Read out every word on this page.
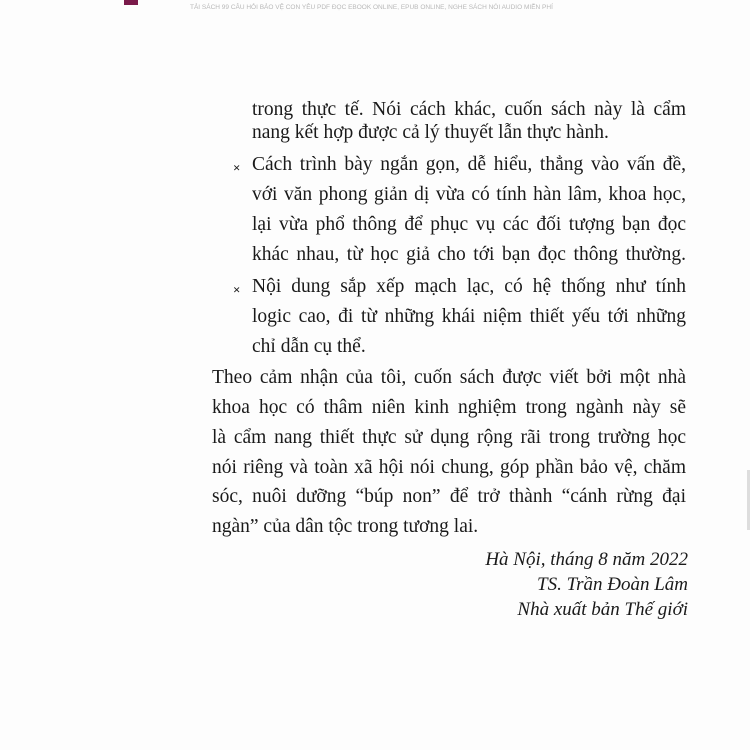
TẢI SÁCH 99 CÂU HỎI BẢO VỆ CON YÊU PDF ĐỌC EBOOK ONLINE, EPUB ONLINE, NGHE SÁCH NÓI AUDIO MIỄN PHÍ
trong thực tế. Nói cách khác, cuốn sách này là cẩm
nang kết hợp được cả lý thuyết lẫn thực hành.
× Cách trình bày ngắn gọn, dễ hiểu, thẳng vào vấn đề,
với văn phong giản dị vừa có tính hàn lâm, khoa học,
lại vừa phổ thông để phục vụ các đối tượng bạn đọc
khác nhau, từ học giả cho tới bạn đọc thông thường.
× Nội dung sắp xếp mạch lạc, có hệ thống như tính
logic cao, đi từ những khái niệm thiết yếu tới những
chỉ dẫn cụ thể.
Theo cảm nhận của tôi, cuốn sách được viết bởi một nhà
khoa học có thâm niên kinh nghiệm trong ngành này sẽ
là cẩm nang thiết thực sử dụng rộng rãi trong trường học
nói riêng và toàn xã hội nói chung, góp phần bảo vệ, chăm
sóc, nuôi dưỡng “búp non” để trở thành “cánh rừng đại
ngàn” của dân tộc trong tương lai.
Hà Nội, tháng 8 năm 2022
TS. Trần Đoàn Lâm
Nhà xuất bản Thế giới
